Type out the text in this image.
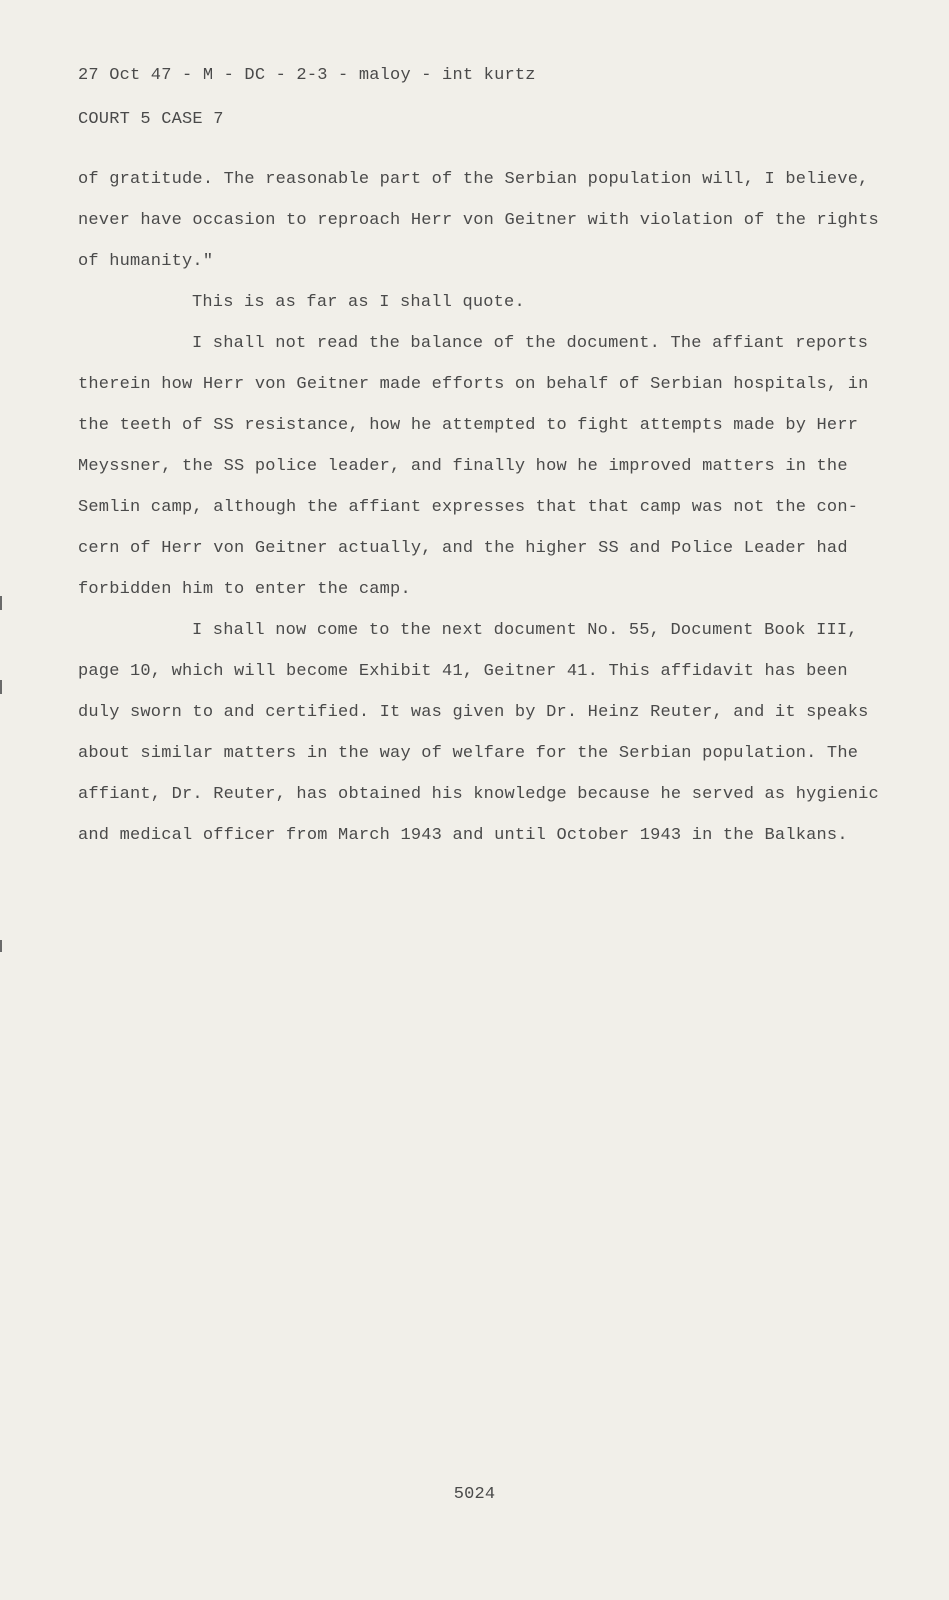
27 Oct 47 - M - DC - 2-3 - maloy - int kurtz
COURT 5 CASE 7
of gratitude. The reasonable part of the Serbian population will, I believe,
never have occasion to reproach Herr von Geitner with violation of the rights
of humanity."
This is as far as I shall quote.
I shall not read the balance of the document. The affiant reports
therein how Herr von Geitner made efforts on behalf of Serbian hospitals, in
the teeth of SS resistance, how he attempted to fight attempts made by Herr
Meyssner, the SS police leader, and finally how he improved matters in the
Semlin camp, although the affiant expresses that that camp was not the con-
cern of Herr von Geitner actually, and the higher SS and Police Leader had
forbidden him to enter the camp.
I shall now come to the next document No. 55, Document Book III,
page 10, which will become Exhibit 41, Geitner 41. This affidavit has been
duly sworn to and certified. It was given by Dr. Heinz Reuter, and it speaks
about similar matters in the way of welfare for the Serbian population. The
affiant, Dr. Reuter, has obtained his knowledge because he served as hygienic
and medical officer from March 1943 and until October 1943 in the Balkans.
5024
